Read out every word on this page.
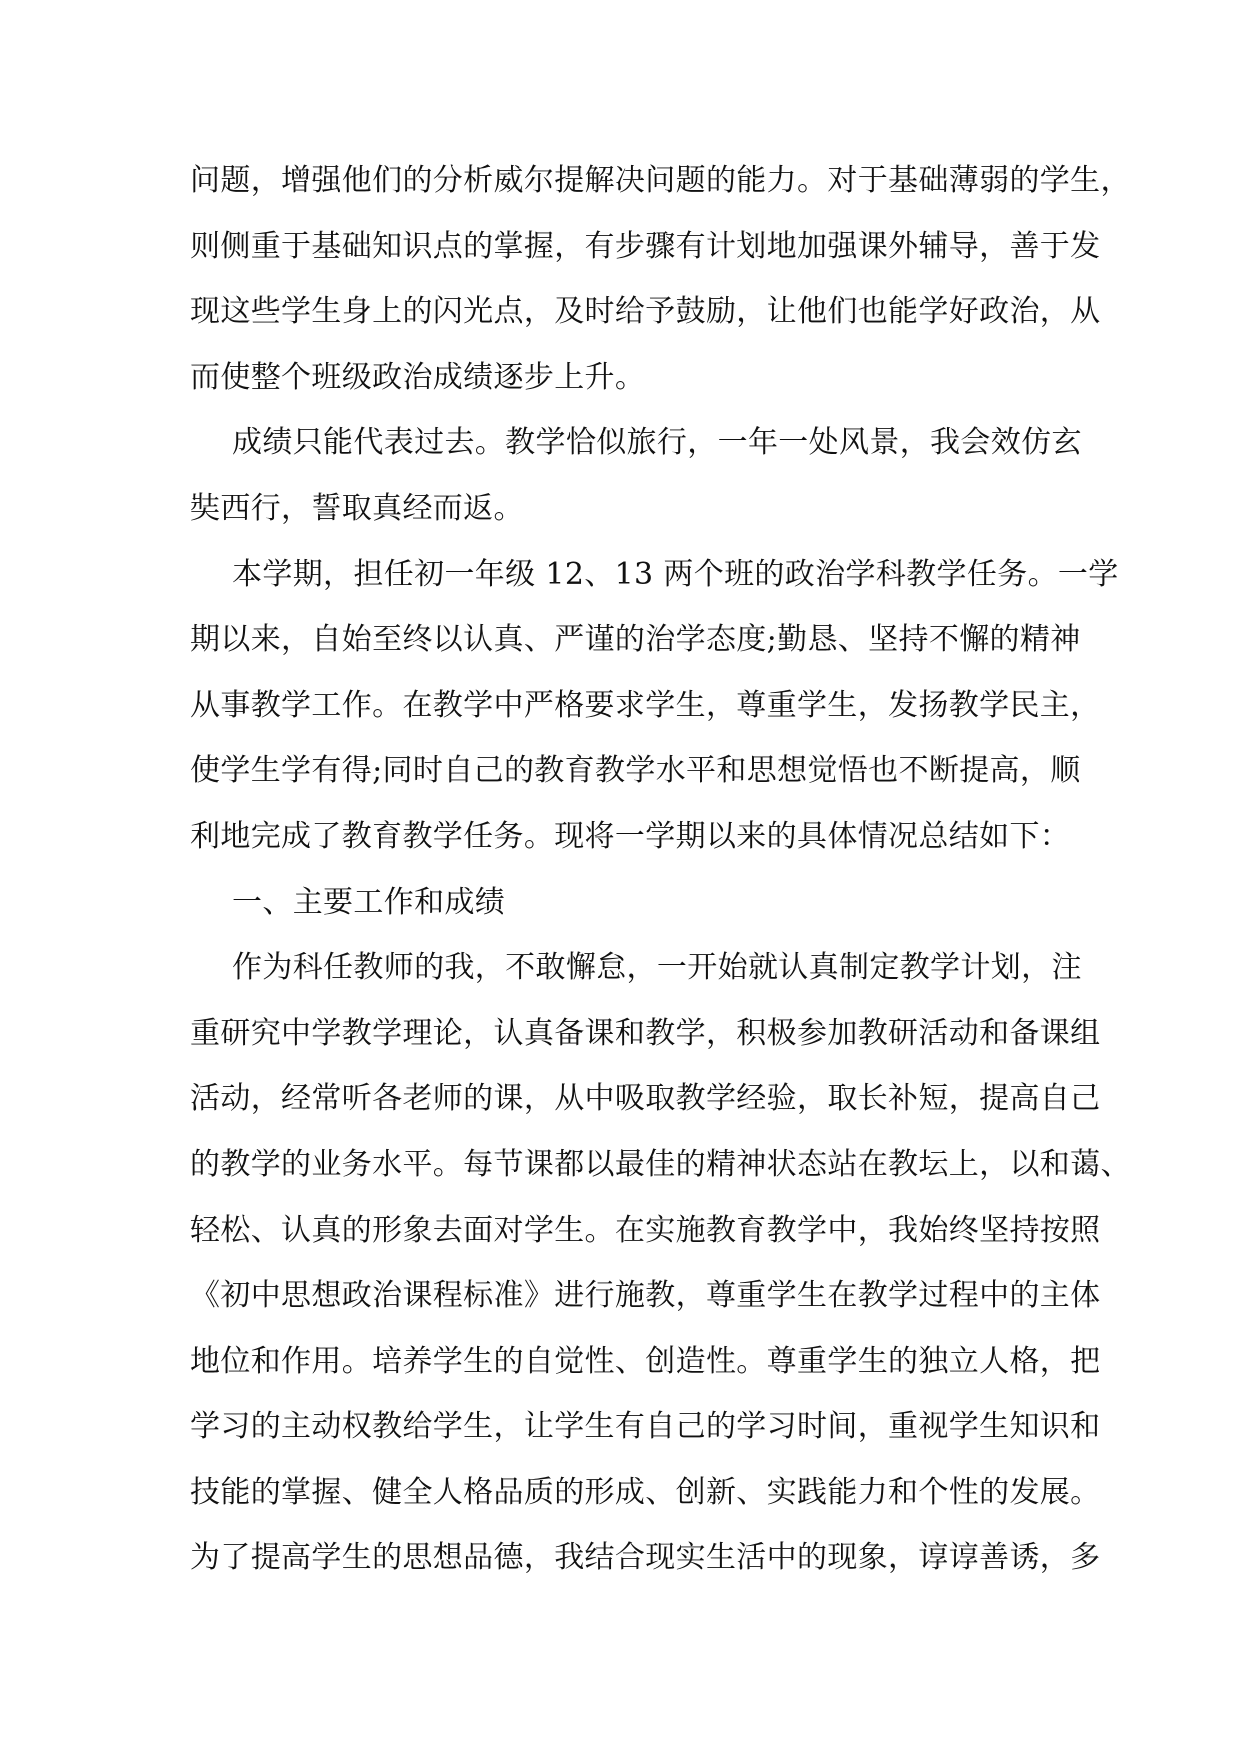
问题，增强他们的分析威尔提解决问题的能力。对于基础薄弱的学生，
则侧重于基础知识点的掌握，有步骤有计划地加强课外辅导，善于发
现这些学生身上的闪光点，及时给予鼓励，让他们也能学好政治，从
而使整个班级政治成绩逐步上升。
成绩只能代表过去。教学恰似旅行，一年一处风景，我会效仿玄
奘西行，誓取真经而返。
本学期，担任初一年级 12、13 两个班的政治学科教学任务。一学
期以来，自始至终以认真、严谨的治学态度;勤恳、坚持不懈的精神
从事教学工作。在教学中严格要求学生，尊重学生，发扬教学民主，
使学生学有得;同时自己的教育教学水平和思想觉悟也不断提高，顺
利地完成了教育教学任务。现将一学期以来的具体情况总结如下：
一、主要工作和成绩
作为科任教师的我，不敢懈怠，一开始就认真制定教学计划，注
重研究中学教学理论，认真备课和教学，积极参加教研活动和备课组
活动，经常听各老师的课，从中吸取教学经验，取长补短，提高自己
的教学的业务水平。每节课都以最佳的精神状态站在教坛上，以和蔼、
轻松、认真的形象去面对学生。在实施教育教学中，我始终坚持按照
《初中思想政治课程标准》进行施教，尊重学生在教学过程中的主体
地位和作用。培养学生的自觉性、创造性。尊重学生的独立人格，把
学习的主动权教给学生，让学生有自己的学习时间，重视学生知识和
技能的掌握、健全人格品质的形成、创新、实践能力和个性的发展。
为了提高学生的思想品德，我结合现实生活中的现象，谆谆善诱，多
